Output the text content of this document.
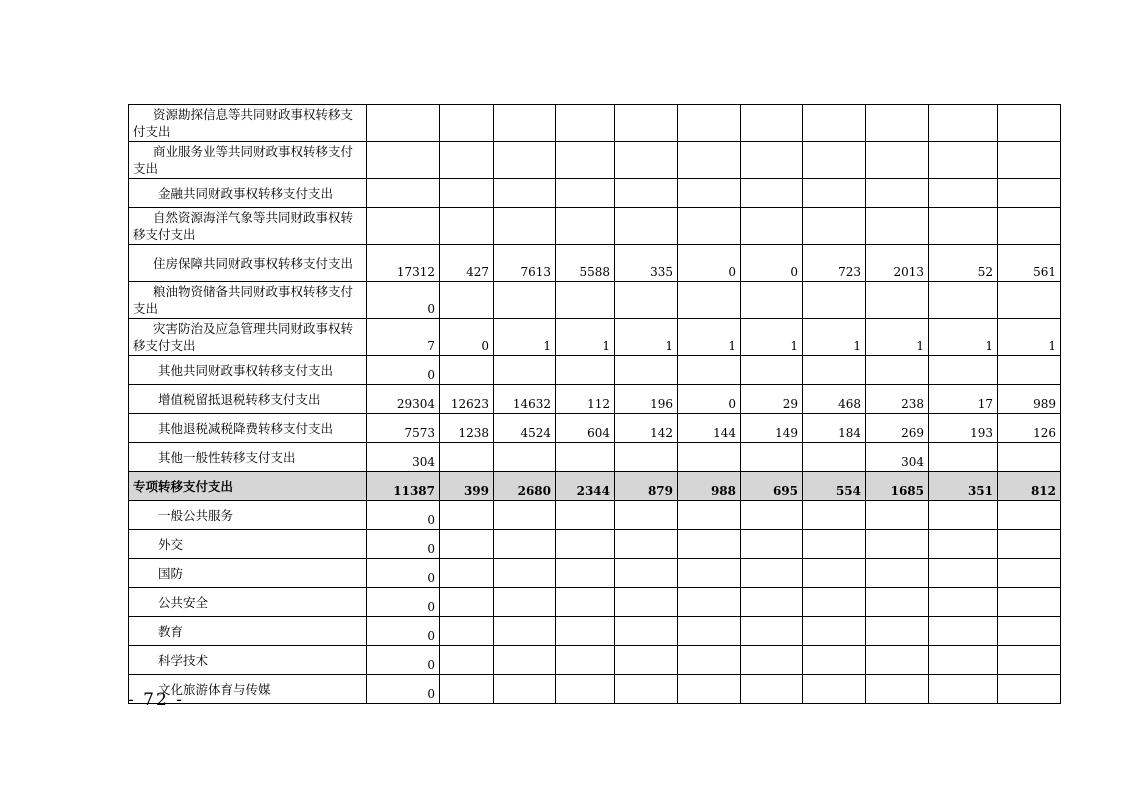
资源勘探信息等共同财政事权转移支付支出											

商业服务业等共同财政事权转移支付支出											

金融共同财政事权转移支付支出											

自然资源海洋气象等共同财政事权转移支付支出											

住房保障共同财政事权转移支付支出	17312	427	7613	5588	335	0	0	723	2013	52	561

粮油物资储备共同财政事权转移支付支出	0										

灾害防治及应急管理共同财政事权转移支付支出	7	0	1	1	1	1	1	1	1	1	1

其他共同财政事权转移支付支出	0										

增值税留抵退税转移支付支出	29304	12623	14632	112	196	0	29	468	238	17	989

其他退税减税降费转移支付支出	7573	1238	4524	604	142	144	149	184	269	193	126

其他一般性转移支付支出	304								304		

专项转移支付支出	11387	399	2680	2344	879	988	695	554	1685	351	812

一般公共服务	0										

外交	0										

国防	0										

公共安全	0										

教育	0										

科学技术	0										

文化旅游体育与传媒	0										
- 72 -
